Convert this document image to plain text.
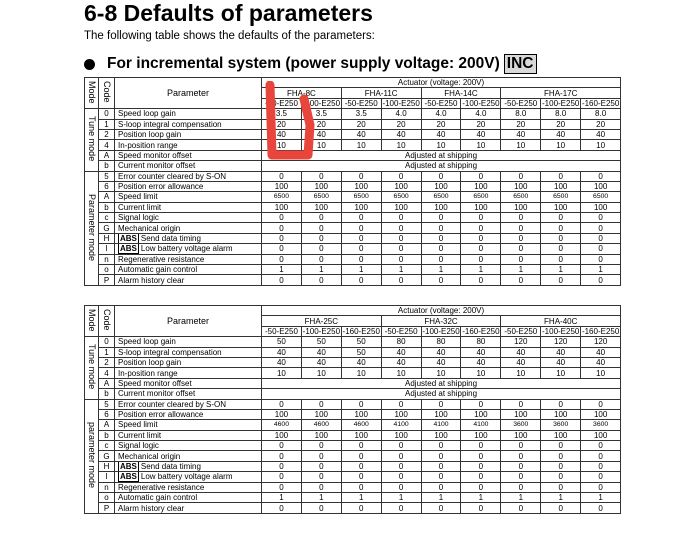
6-8 Defaults of parameters
The following table shows the defaults of the parameters:
For incremental system (power supply voltage: 200V) INC
Mode	Code	Parameter	Actuator (voltage: 200V)								
			FHA-8C		FHA-11C		FHA-14C		FHA-17C		
			-50-E250	-100-E250	-50-E250	-100-E250	-50-E250	-100-E250	-50-E250	-100-E250	-160-E250
Tune mode	0	Speed loop gain	3.5	3.5	3.5	4.0	4.0	4.0	8.0	8.0	8.0
	1	S-loop integral compensation	20	20	20	20	20	20	20	20	20
	2	Position loop gain	40	40	40	40	40	40	40	40	40
	4	In-position range	10	10	10	10	10	10	10	10	10
	A	Speed monitor offset	Adjusted at shipping								
	b	Current monitor offset	Adjusted at shipping								
Parameter mode	5	Error counter cleared by S-ON	0	0	0	0	0	0	0	0	0
	6	Position error allowance	100	100	100	100	100	100	100	100	100
	A	Speed limit	6500	6500	6500	6500	6500	6500	6500	6500	6500
	b	Current limit	100	100	100	100	100	100	100	100	100
	c	Signal logic	0	0	0	0	0	0	0	0	0
	G	Mechanical origin	0	0	0	0	0	0	0	0	0
	H	ABS Send data timing	0	0	0	0	0	0	0	0	0
	I	ABS Low battery voltage alarm	0	0	0	0	0	0	0	0	0
	n	Regenerative resistance	0	0	0	0	0	0	0	0	0
	o	Automatic gain control	1	1	1	1	1	1	1	1	1
	P	Alarm history clear	0	0	0	0	0	0	0	0	0
Mode	Code	Parameter	Actuator (voltage: 200V)								
			FHA-25C			FHA-32C			FHA-40C		
			-50-E250	-100-E250	-160-E250	-50-E250	-100-E250	-160-E250	-50-E250	-100-E250	-160-E250
Tune mode	0	Speed loop gain	50	50	50	80	80	80	120	120	120
	1	S-loop integral compensation	40	40	50	40	40	40	40	40	40
	2	Position loop gain	40	40	40	40	40	40	40	40	40
	4	In-position range	10	10	10	10	10	10	10	10	10
	A	Speed monitor offset	Adjusted at shipping								
	b	Current monitor offset	Adjusted at shipping								
parameter mode	5	Error counter cleared by S-ON	0	0	0	0	0	0	0	0	0
	6	Position error allowance	100	100	100	100	100	100	100	100	100
	A	Speed limit	4600	4600	4600	4100	4100	4100	3600	3600	3600
	b	Current limit	100	100	100	100	100	100	100	100	100
	c	Signal logic	0	0	0	0	0	0	0	0	0
	G	Mechanical origin	0	0	0	0	0	0	0	0	0
	H	ABS Send data timing	0	0	0	0	0	0	0	0	0
	I	ABS Low battery voltage alarm	0	0	0	0	0	0	0	0	0
	n	Regenerative resistance	0	0	0	0	0	0	0	0	0
	o	Automatic gain control	1	1	1	1	1	1	1	1	1
	P	Alarm history clear	0	0	0	0	0	0	0	0	0
